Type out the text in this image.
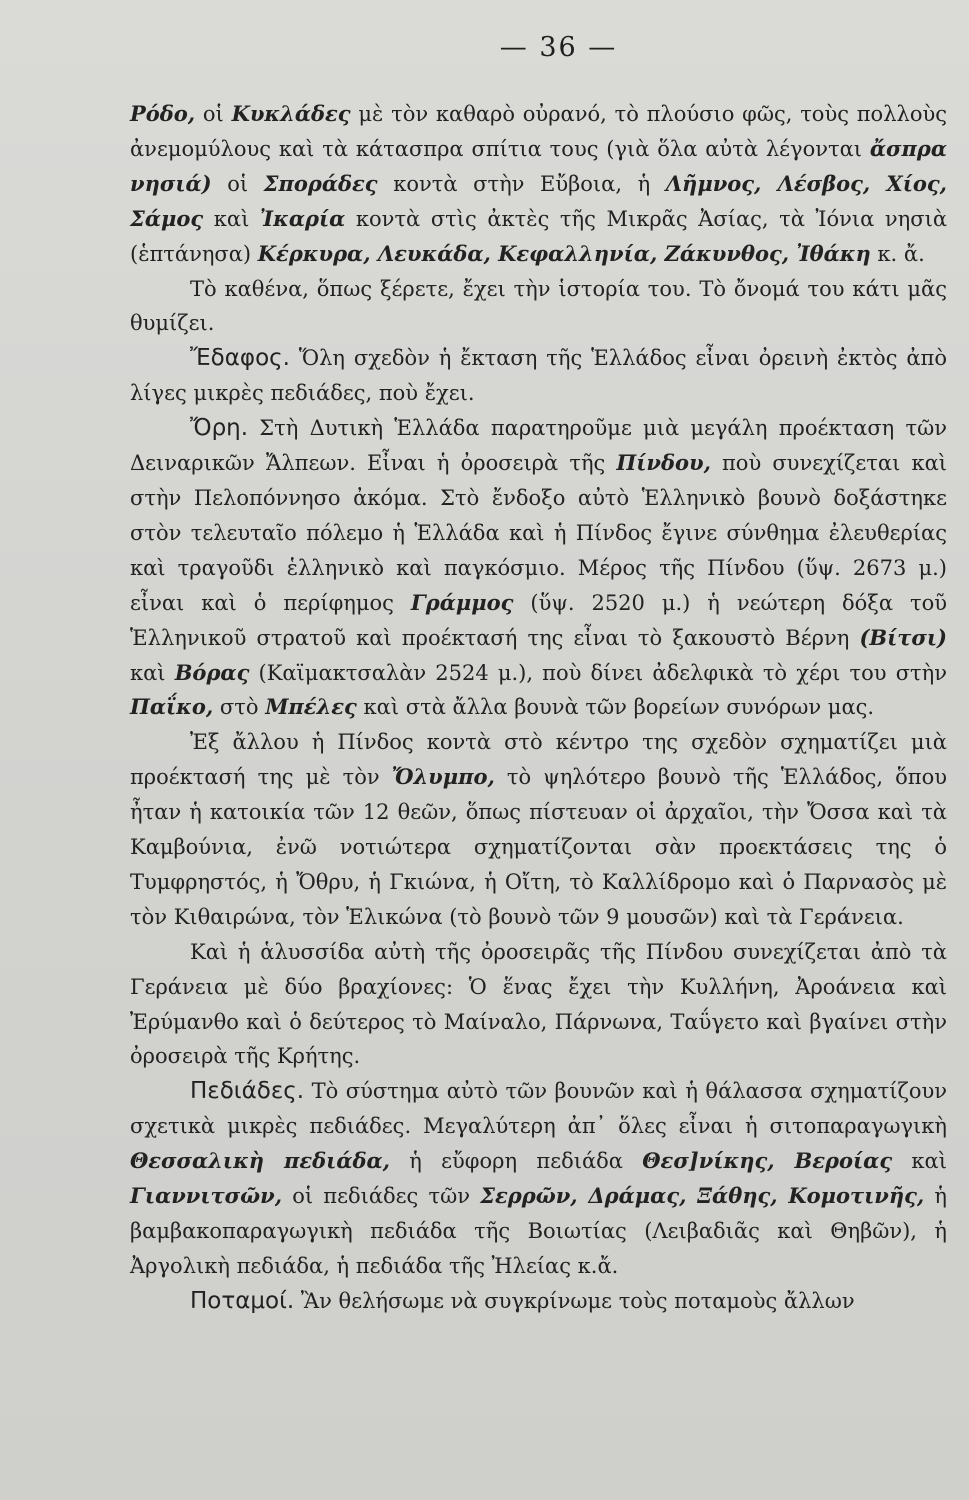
— 36 —

Ρόδο, οἱ Κυκλάδες μὲ τὸν καθαρὸ οὐρανό, τὸ πλούσιο φῶς, τοὺς πολλοὺς ἀνεμομύλους καὶ τὰ κάτασπρα σπίτια τους (γιὰ ὅλα αὐτὰ λέγονται ἄσπρα νησιά) οἱ Σποράδες κοντὰ στὴν Εὔβοια, ἡ Λῆμνος, Λέσβος, Χίος, Σάμος καὶ Ἰκαρία κοντὰ στὶς ἀκτὲς τῆς Μικρᾶς Ἀσίας, τὰ Ἰόνια νησιὰ (ἑπτάνησα) Κέρκυρα, Λευκάδα, Κεφαλληνία, Ζάκυνθος, Ἰθάκη κ. ἄ.

Τὸ καθένα, ὅπως ξέρετε, ἔχει τὴν ἱστορία του. Τὸ ὄνομά του κάτι μᾶς θυμίζει.

Ἔδαφος. Ὅλη σχεδὸν ἡ ἔκταση τῆς Ἑλλάδος εἶναι ὀρεινὴ ἐκτὸς ἀπὸ λίγες μικρὲς πεδιάδες, ποὺ ἔχει.

Ὄρη. Στὴ Δυτικὴ Ἑλλάδα παρατηροῦμε μιὰ μεγάλη προέκταση τῶν Δειναρικῶν Ἄλπεων. Εἶναι ἡ ὀροσειρὰ τῆς Πίνδου, ποὺ συνεχίζεται καὶ στὴν Πελοπόννησο ἀκόμα. Στὸ ἔνδοξο αὐτὸ Ἑλληνικὸ βουνὸ δοξάστηκε στὸν τελευταῖο πόλεμο ἡ Ἑλλάδα καὶ ἡ Πίνδος ἔγινε σύνθημα ἐλευθερίας καὶ τραγοῦδι ἑλληνικὸ καὶ παγκόσμιο. Μέρος τῆς Πίνδου (ὕψ. 2673 μ.) εἶναι καὶ ὁ περίφημος Γράμμος (ὕψ. 2520 μ.) ἡ νεώτερη δόξα τοῦ Ἑλληνικοῦ στρατοῦ καὶ προέκτασή της εἶναι τὸ ξακουστὸ Βέρνη (Βίτσι) καὶ Βόρας (Καϊμακτσαλὰν 2524 μ.), ποὺ δίνει ἀδελφικὰ τὸ χέρι του στὴν Παΐκο, στὸ Μπέλες καὶ στὰ ἄλλα βουνὰ τῶν βορείων συνόρων μας.

Ἐξ ἄλλου ἡ Πίνδος κοντὰ στὸ κέντρο της σχεδὸν σχηματίζει μιὰ προέκτασή της μὲ τὸν Ὄλυμπο, τὸ ψηλότερο βουνὸ τῆς Ἑλλάδος, ὅπου ἦταν ἡ κατοικία τῶν 12 θεῶν, ὅπως πίστευαν οἱ ἀρχαῖοι, τὴν Ὄσσα καὶ τὰ Καμβούνια, ἐνῶ νοτιώτερα σχηματίζονται σὰν προεκτάσεις της ὁ Τυμφρηστός, ἡ Ὄθρυ, ἡ Γκιώνα, ἡ Οἴτη, τὸ Καλλίδρομο καὶ ὁ Παρνασὸς μὲ τὸν Κιθαιρώνα, τὸν Ἑλικώνα (τὸ βουνὸ τῶν 9 μουσῶν) καὶ τὰ Γεράνεια.

Καὶ ἡ ἁλυσσίδα αὐτὴ τῆς ὀροσειρᾶς τῆς Πίνδου συνεχίζεται ἀπὸ τὰ Γεράνεια μὲ δύο βραχίονες: Ὁ ἕνας ἔχει τὴν Κυλλήνη, Ἀροάνεια καὶ Ἐρύμανθο καὶ ὁ δεύτερος τὸ Μαίναλο, Πάρνωνα, Ταΰγετο καὶ βγαίνει στὴν ὀροσειρὰ τῆς Κρήτης.

Πεδιάδες. Τὸ σύστημα αὐτὸ τῶν βουνῶν καὶ ἡ θάλασσα σχηματίζουν σχετικὰ μικρὲς πεδιάδες. Μεγαλύτερη ἀπ᾽ ὅλες εἶναι ἡ σιτοπαραγωγικὴ Θεσσαλικὴ πεδιάδα, ἡ εὔφορη πεδιάδα Θεσ]νίκης, Βεροίας καὶ Γιαννιτσῶν, οἱ πεδιάδες τῶν Σερρῶν, Δράμας, Ξάθης, Κομοτινῆς, ἡ βαμβακοπαραγωγικὴ πεδιάδα τῆς Βοιωτίας (Λειβαδιᾶς καὶ Θηβῶν), ἡ Ἀργολικὴ πεδιάδα, ἡ πεδιάδα τῆς Ἠλείας κ.ἄ.

Ποταμοί. Ἂν θελήσωμε νὰ συγκρίνωμε τοὺς ποταμοὺς ἄλλων
